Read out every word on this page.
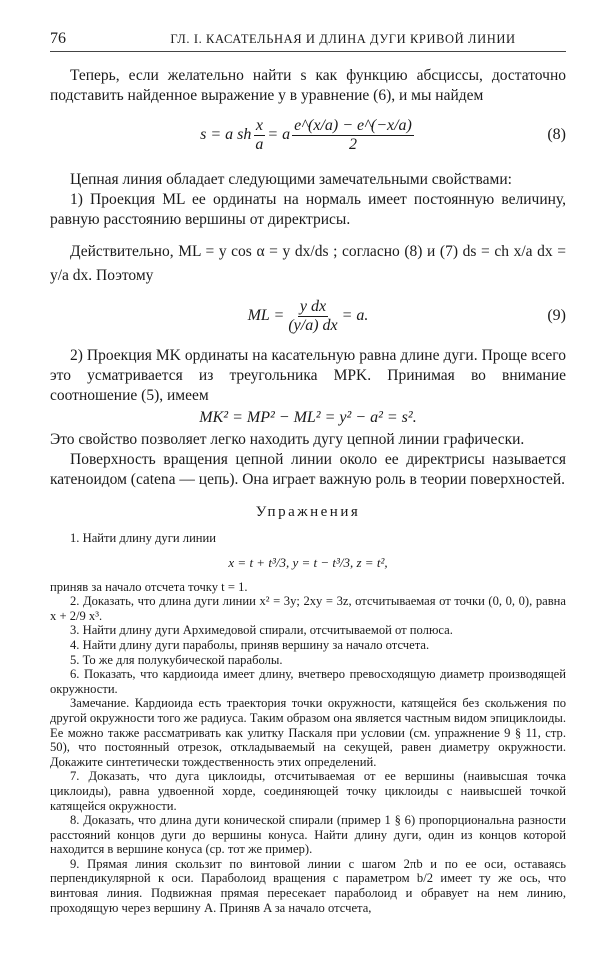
76	ГЛ. I. КАСАТЕЛЬНАЯ И ДЛИНА ДУГИ КРИВОЙ ЛИНИИ

Теперь, если желательно найти s как функцию абсциссы, достаточно подставить найденное выражение y в уравнение (6), и мы найдем

s = a sh $\frac{x}{a} = a \frac{e\^{}(x/a) - e\^{}(-x/a)}{2}$	(8)

Цепная линия обладает следующими замечательными свойствами:

1) Проекция ML ее ординаты на нормаль имеет постоянную величину, равную расстоянию вершины от директрисы.

Действительно, ML = y cos α = y dx/ds ; согласно (8) и (7) ds = ch x/a dx = y/a dx. Поэтому

ML = $\frac{\text{y dx}}{(y/a) dx} = a$.	(9)

2) Проекция MK ординаты на касательную равна длине дуги. Проще всего это усматривается из треугольника MPK. Принимая во внимание соотношение (5), имеем

MK² = MP² − ML² = y² − a² = s².

Это свойство позволяет легко находить дугу цепной линии графически.

Поверхность вращения цепной линии около ее директрисы называется катеноидом (catena — цепь). Она играет важную роль в теории поверхностей.

Упражнения

1. Найти длину дуги линии

x = t + t³/3, y = t − t³/3, z = t²,

приняв за начало отсчета точку t = 1.

2. Доказать, что длина дуги линии x² = 3y; 2xy = 3z, отсчитываемая от точки (0, 0, 0), равна x + 2/9 x³.

3. Найти длину дуги Архимедовой спирали, отсчитываемой от полюса.

4. Найти длину дуги параболы, приняв вершину за начало отсчета.

5. То же для полукубической параболы.

6. Показать, что кардиоида имеет длину, вчетверо превосходящую диаметр производящей окружности.

Замечание. Кардиоида есть траектория точки окружности, катящейся без скольжения по другой окружности того же радиуса. Таким образом она является частным видом эпициклоиды. Ее можно также рассматривать как улитку Паскаля при условии (см. упражнение 9 § 11, стр. 50), что постоянный отрезок, откладываемый на секущей, равен диаметру окружности. Докажите синтетически тождественность этих определений.

7. Доказать, что дуга циклоиды, отсчитываемая от ее вершины (наивысшая точка циклоиды), равна удвоенной хорде, соединяющей точку циклоиды с наивысшей точкой катящейся окружности.

8. Доказать, что длина дуги конической спирали (пример 1 § 6) пропорциональна разности расстояний концов дуги до вершины конуса. Найти длину дуги, один из концов которой находится в вершине конуса (ср. тот же пример).

9. Прямая линия скользит по винтовой линии с шагом 2πb и по ее оси, оставаясь перпендикулярной к оси. Параболоид вращения с параметром b/2 имеет ту же ось, что винтовая линия. Подвижная прямая пересекает параболоид и обравует на нем линию, проходящую через вершину A. Приняв A за начало отсчета,
